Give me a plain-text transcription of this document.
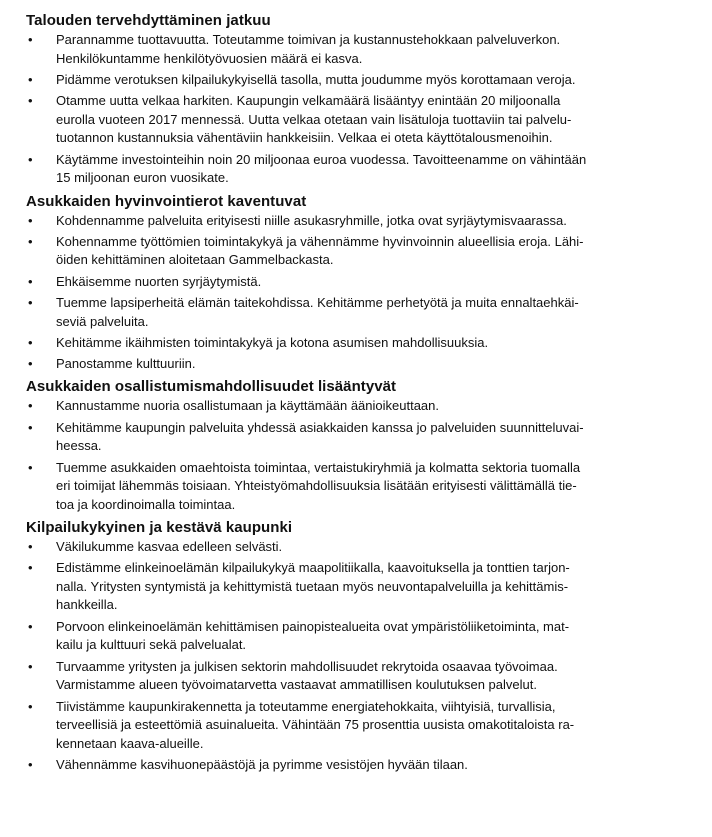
Talouden tervehdyttäminen jatkuu
• Parannamme tuottavuutta. Toteutamme toimivan ja kustannustehokkaan palveluverkon.
Henkilökuntamme henkilötyövuosien määrä ei kasva.
• Pidämme verotuksen kilpailukykyisellä tasolla, mutta joudumme myös korottamaan veroja.
• Otamme uutta velkaa harkiten. Kaupungin velkamäärä lisääntyy enintään 20 miljoonalla
eurolla vuoteen 2017 mennessä. Uutta velkaa otetaan vain lisätuloja tuottaviin tai palvelu-
tuotannon kustannuksia vähentäviin hankkeisiin. Velkaa ei oteta käyttötalousmenoihin.
• Käytämme investointeihin noin 20 miljoonaa euroa vuodessa. Tavoitteenamme on vähintään
15 miljoonan euron vuosikate.
Asukkaiden hyvinvointierot kaventuvat
• Kohdennamme palveluita erityisesti niille asukasryhmille, jotka ovat syrjäytymisvaarassa.
• Kohennamme työttömien toimintakykyä ja vähennämme hyvinvoinnin alueellisia eroja. Lähi-
öiden kehittäminen aloitetaan Gammelbackasta.
• Ehkäisemme nuorten syrjäytymistä.
• Tuemme lapsiperheitä elämän taitekohdissa. Kehitämme perhetyötä ja muita ennaltaehkäi-
seviä palveluita.
• Kehitämme ikäihmisten toimintakykyä ja kotona asumisen mahdollisuuksia.
• Panostamme kulttuuriin.
Asukkaiden osallistumismahdollisuudet lisääntyvät
• Kannustamme nuoria osallistumaan ja käyttämään äänioikeuttaan.
• Kehitämme kaupungin palveluita yhdessä asiakkaiden kanssa jo palveluiden suunnitteluvai-
heessa.
• Tuemme asukkaiden omaehtoista toimintaa, vertaistukiryhmiä ja kolmatta sektoria tuomalla
eri toimijat lähemmäs toisiaan. Yhteistyömahdollisuuksia lisätään erityisesti välittämällä tie-
toa ja koordinoimalla toimintaa.
Kilpailukykyinen ja kestävä kaupunki
• Väkilukumme kasvaa edelleen selvästi.
• Edistämme elinkeinoelämän kilpailukykyä maapolitiikalla, kaavoituksella ja tonttien tarjon-
nalla. Yritysten syntymistä ja kehittymistä tuetaan myös neuvontapalveluilla ja kehittämis-
hankkeilla.
• Porvoon elinkeinoelämän kehittämisen painopistealueita ovat ympäristöliiketoiminta, mat-
kailu ja kulttuuri sekä palvelualat.
• Turvaamme yritysten ja julkisen sektorin mahdollisuudet rekrytoida osaavaa työvoimaa.
Varmistamme alueen työvoimatarvetta vastaavat ammatillisen koulutuksen palvelut.
• Tiivistämme kaupunkirakennetta ja toteutamme energiatehokkaita, viihtyisiä, turvallisia,
terveellisiä ja esteettömiä asuinalueita. Vähintään 75 prosenttia uusista omakotitaloista ra-
kennetaan kaava-alueille.
• Vähennämme kasvihuonepäästöjä ja pyrimme vesistöjen hyvään tilaan.
